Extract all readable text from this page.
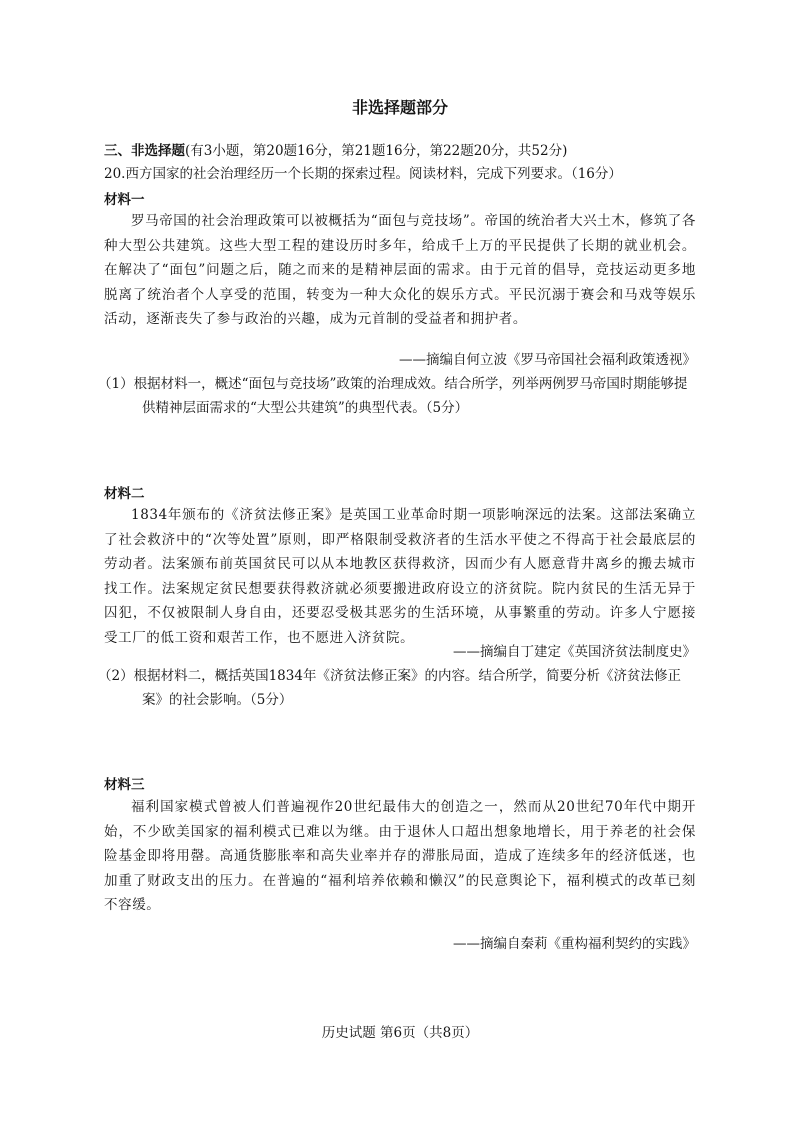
非选择题部分
三、非选择题(有3小题，第20题16分，第21题16分，第22题20分，共52分)
20.西方国家的社会治理经历一个长期的探索过程。阅读材料，完成下列要求。（16分）
材料一
罗马帝国的社会治理政策可以被概括为“面包与竞技场”。帝国的统治者大兴土木，修筑了各种大型公共建筑。这些大型工程的建设历时多年，给成千上万的平民提供了长期的就业机会。在解决了“面包”问题之后，随之而来的是精神层面的需求。由于元首的倡导，竞技运动更多地脱离了统治者个人享受的范围，转变为一种大众化的娱乐方式。平民沉溺于赛会和马戏等娱乐活动，逐渐丧失了参与政治的兴趣，成为元首制的受益者和拥护者。
——摘编自何立波《罗马帝国社会福利政策透视》
（1）根据材料一，概述“面包与竞技场”政策的治理成效。结合所学，列举两例罗马帝国时期能够提供精神层面需求的“大型公共建筑”的典型代表。（5分）
材料二
1834年颁布的《济贫法修正案》是英国工业革命时期一项影响深远的法案。这部法案确立了社会救济中的“次等处置”原则，即严格限制受救济者的生活水平使之不得高于社会最底层的劳动者。法案颁布前英国贫民可以从本地教区获得救济，因而少有人愿意背井离乡的搬去城市找工作。法案规定贫民想要获得救济就必须要搬进政府设立的济贫院。院内贫民的生活无异于囚犯，不仅被限制人身自由，还要忍受极其恶劣的生活环境，从事繁重的劳动。许多人宁愿接受工厂的低工资和艰苦工作，也不愿进入济贫院。
——摘编自丁建定《英国济贫法制度史》
（2）根据材料二，概括英国1834年《济贫法修正案》的内容。结合所学，简要分析《济贫法修正案》的社会影响。（5分）
材料三
福利国家模式曾被人们普遍视作20世纪最伟大的创造之一，然而从20世纪70年代中期开始，不少欧美国家的福利模式已难以为继。由于退休人口超出想象地增长，用于养老的社会保险基金即将用罄。高通货膨胀率和高失业率并存的滞胀局面，造成了连续多年的经济低迷，也加重了财政支出的压力。在普遍的“福利培养依赖和懒汉”的民意舆论下，福利模式的改革已刻不容缓。
——摘编自秦莉《重构福利契约的实践》
历史试题 第6页（共8页）
